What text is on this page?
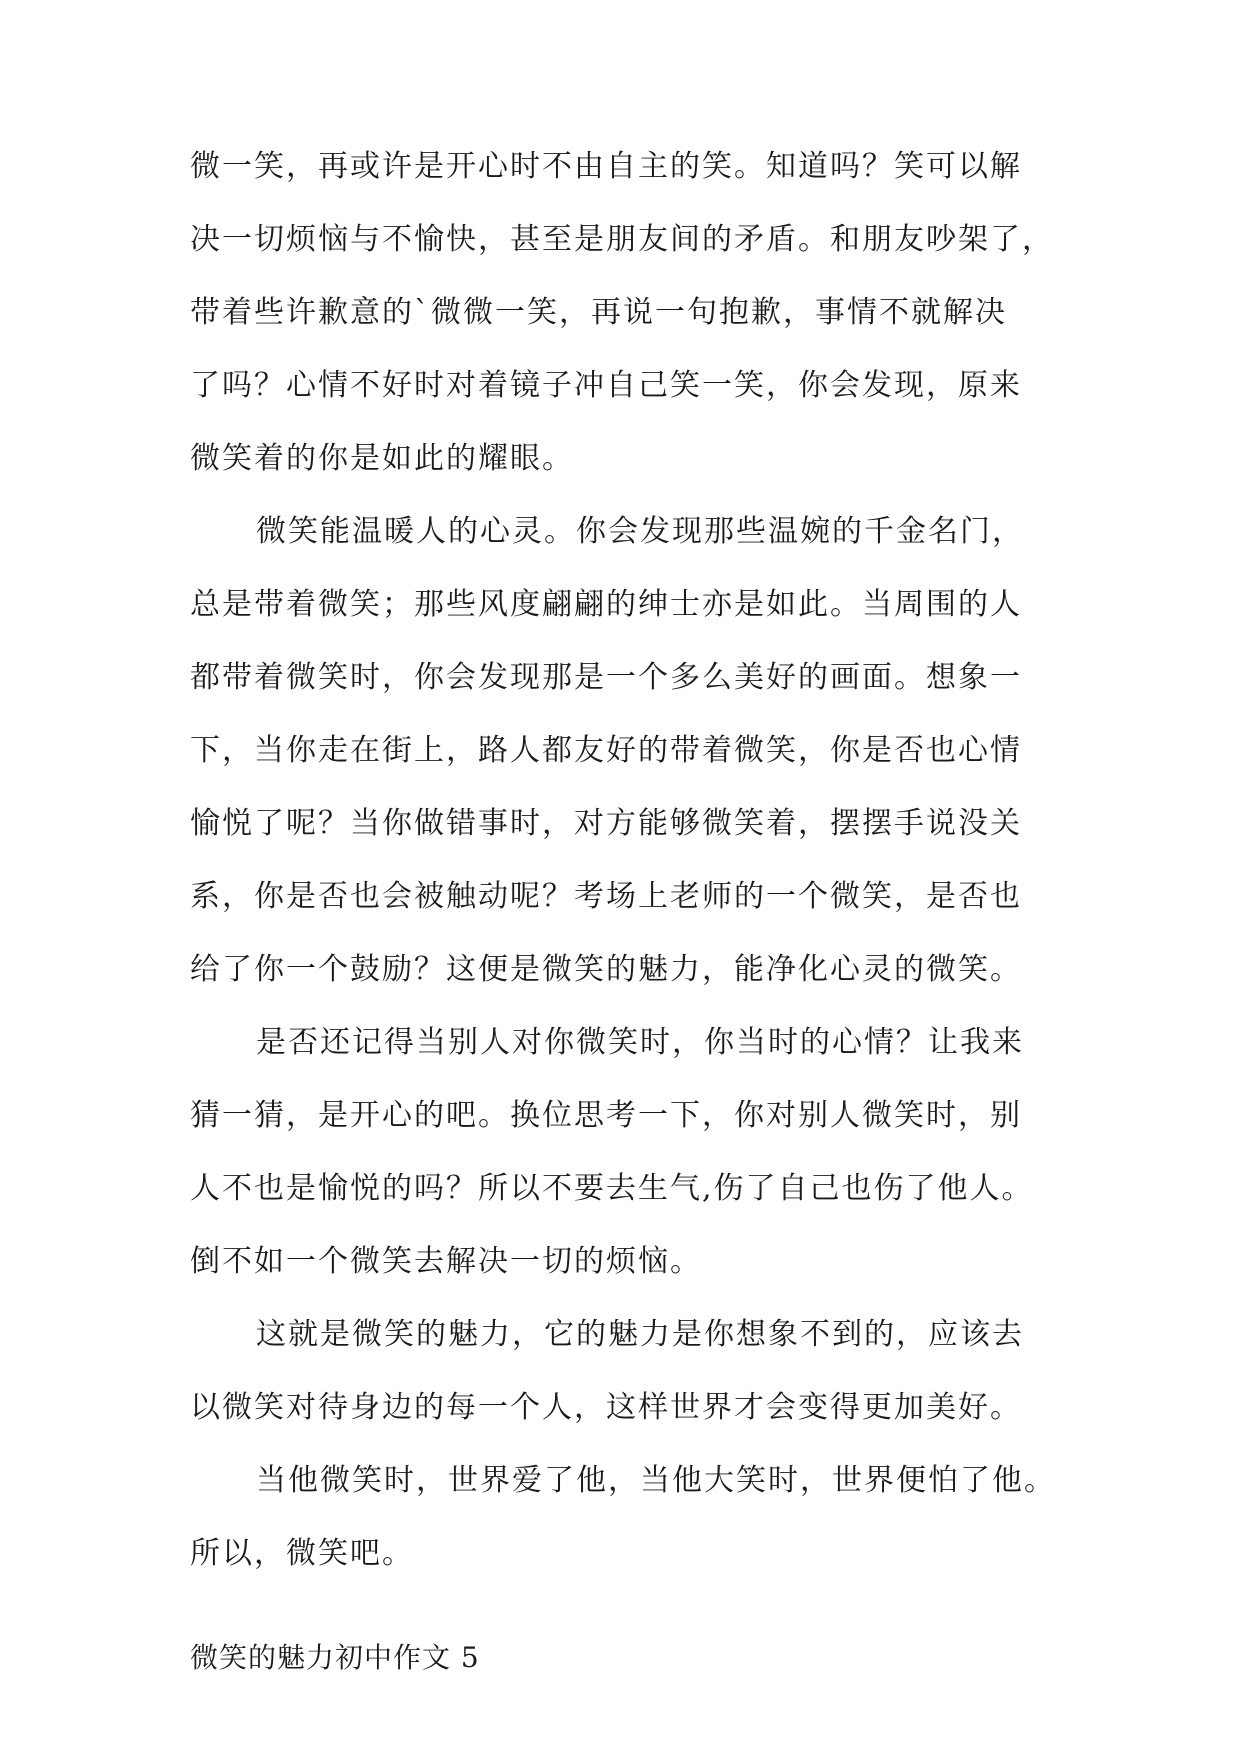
微一笑，再或许是开心时不由自主的笑。知道吗？笑可以解
决一切烦恼与不愉快，甚至是朋友间的矛盾。和朋友吵架了，
带着些许歉意的`微微一笑，再说一句抱歉，事情不就解决
了吗？心情不好时对着镜子冲自己笑一笑，你会发现，原来
微笑着的你是如此的耀眼。
微笑能温暖人的心灵。你会发现那些温婉的千金名门，
总是带着微笑；那些风度翩翩的绅士亦是如此。当周围的人
都带着微笑时，你会发现那是一个多么美好的画面。想象一
下，当你走在街上，路人都友好的带着微笑，你是否也心情
愉悦了呢？当你做错事时，对方能够微笑着，摆摆手说没关
系，你是否也会被触动呢？考场上老师的一个微笑，是否也
给了你一个鼓励？这便是微笑的魅力，能净化心灵的微笑。
是否还记得当别人对你微笑时，你当时的心情？让我来
猜一猜，是开心的吧。换位思考一下，你对别人微笑时，别
人不也是愉悦的吗？所以不要去生气,伤了自己也伤了他人。
倒不如一个微笑去解决一切的烦恼。
这就是微笑的魅力，它的魅力是你想象不到的，应该去
以微笑对待身边的每一个人，这样世界才会变得更加美好。
当他微笑时，世界爱了他，当他大笑时，世界便怕了他。
所以，微笑吧。
微笑的魅力初中作文 5
